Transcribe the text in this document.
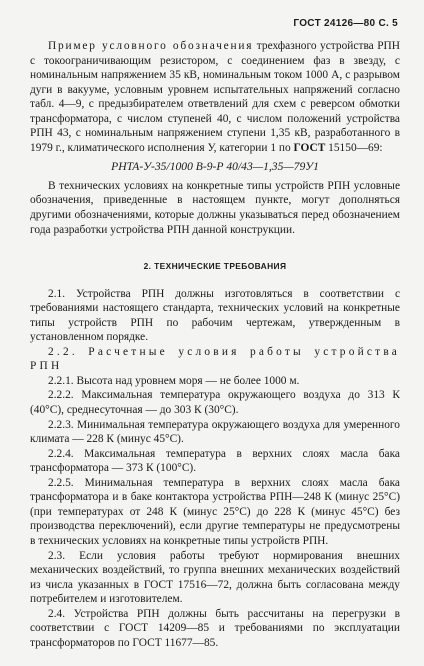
ГОСТ 24126—80 С. 5

Пример условного обозначения трехфазного устройства РПН с токоограничивающим резистором, с соединением фаз в звезду, с номинальным напряжением 35 кВ, номинальным током 1000 А, с разрывом дуги в вакууме, условным уровнем испытательных напряжений согласно табл. 4—9, с предызбирателем ответвлений для схем с реверсом обмотки трансформатора, с числом ступеней 40, с числом положений устройства РПН 43, с номинальным напряжением ступени 1,35 кВ, разработанного в 1979 г., климатического исполнения У, категории 1 по ГОСТ 15150—69:

РНТА-У-35/1000 В-9-Р 40/43—1,35—79У1

В технических условиях на конкретные типы устройств РПН условные обозначения, приведенные в настоящем пункте, могут дополняться другими обозначениями, которые должны указываться перед обозначением года разработки устройства РПН данной конструкции.

2. ТЕХНИЧЕСКИЕ ТРЕБОВАНИЯ

2.1. Устройства РПН должны изготовляться в соответствии с требованиями настоящего стандарта, технических условий на конкретные типы устройств РПН по рабочим чертежам, утвержденным в установленном порядке.

2.2. Расчетные условия работы устройства РПН

2.2.1. Высота над уровнем моря — не более 1000 м.

2.2.2. Максимальная температура окружающего воздуха до 313 К (40°С), среднесуточная — до 303 К (30°С).

2.2.3. Минимальная температура окружающего воздуха для умеренного климата — 228 К (минус 45°С).

2.2.4. Максимальная температура в верхних слоях масла бака трансформатора — 373 К (100°С).

2.2.5. Минимальная температура в верхних слоях масла бака трансформатора и в баке контактора устройства РПН—248 К (минус 25°С) (при температурах от 248 К (минус 25°С) до 228 К (минус 45°С) без производства переключений), если другие температуры не предусмотрены в технических условиях на конкретные типы устройств РПН.

2.3. Если условия работы требуют нормирования внешних механических воздействий, то группа внешних механических воздействий из числа указанных в ГОСТ 17516—72, должна быть согласована между потребителем и изготовителем.

2.4. Устройства РПН должны быть рассчитаны на перегрузки в соответствии с ГОСТ 14209—85 и требованиями по эксплуатации трансформаторов по ГОСТ 11677—85.
